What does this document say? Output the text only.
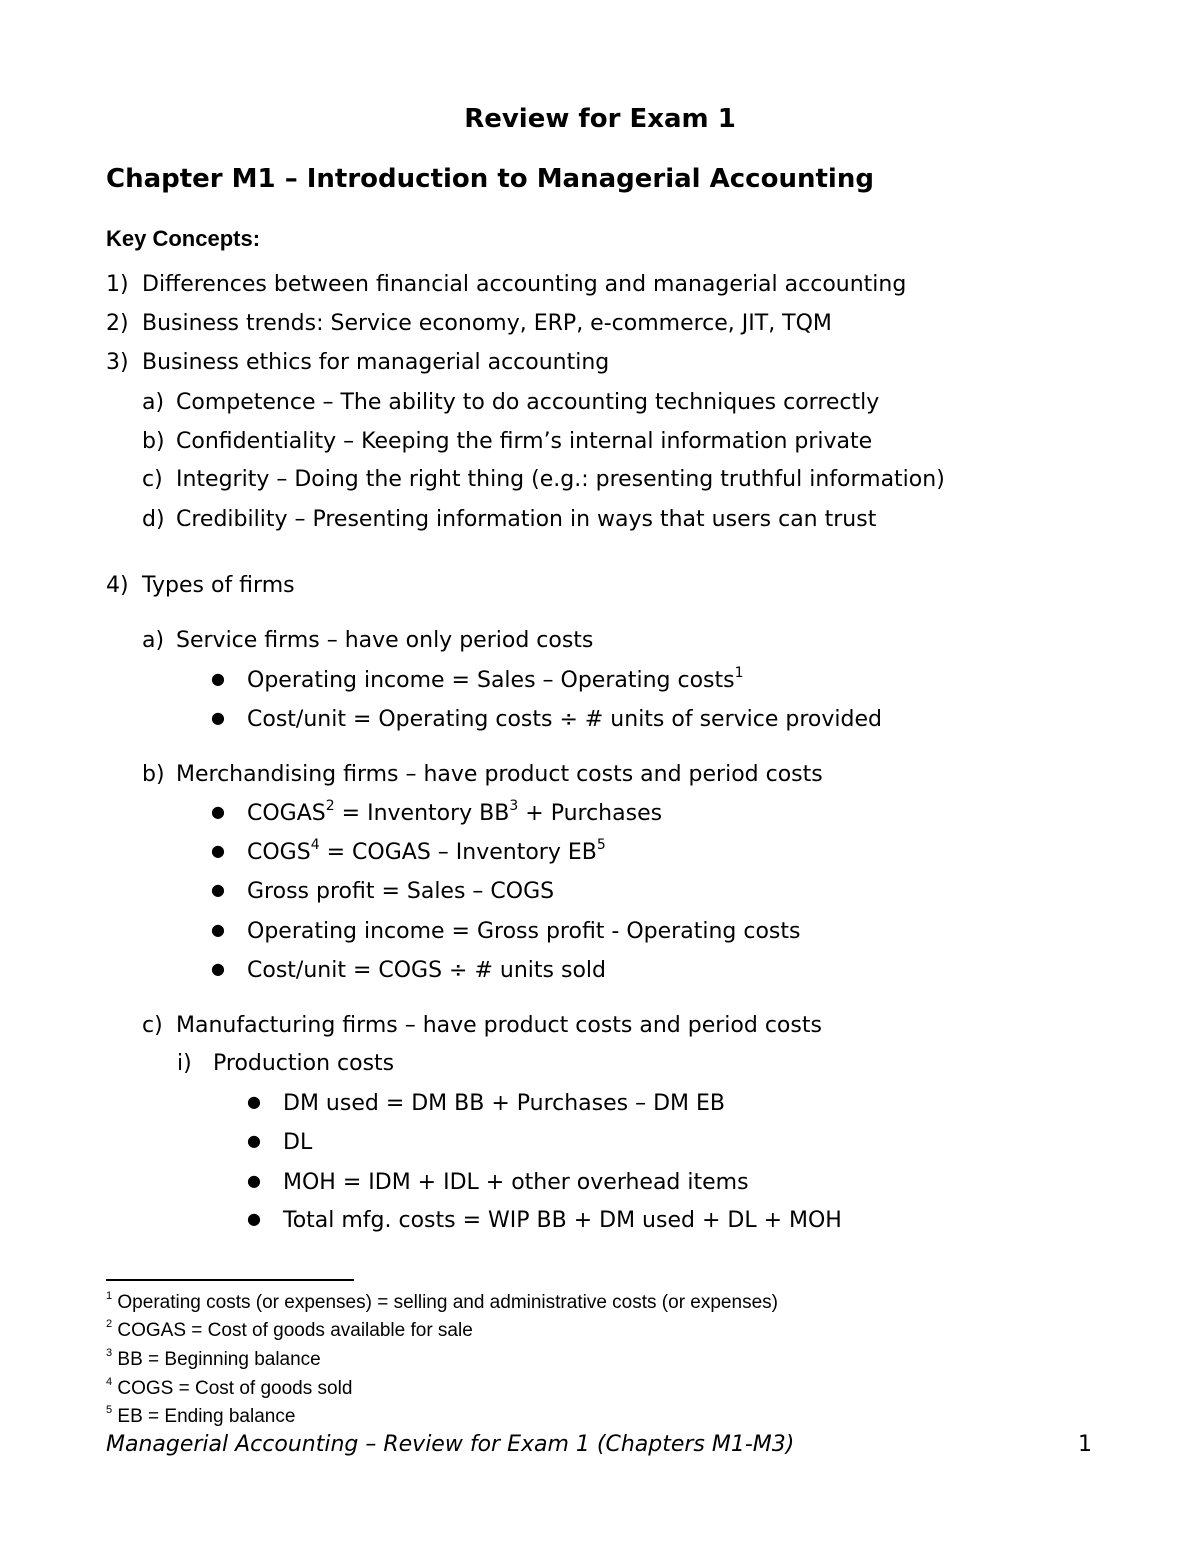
Review for Exam 1
Chapter M1 – Introduction to Managerial Accounting
Key Concepts:
1) Differences between financial accounting and managerial accounting
2) Business trends: Service economy, ERP, e-commerce, JIT, TQM
3) Business ethics for managerial accounting
a) Competence – The ability to do accounting techniques correctly
b) Confidentiality – Keeping the firm’s internal information private
c) Integrity – Doing the right thing (e.g.: presenting truthful information)
d) Credibility – Presenting information in ways that users can trust
4) Types of firms
a) Service firms – have only period costs
● Operating income = Sales – Operating costs$^1$
● Cost/unit = Operating costs ÷ # units of service provided
b) Merchandising firms – have product costs and period costs
● $COGAS^2$ = Inventory $BB^3$ + Purchases
● $COGS^4$ = COGAS – Inventory $EB^5$
● Gross profit = Sales – COGS
● Operating income = Gross profit - Operating costs
● Cost/unit = COGS ÷ # units sold
c) Manufacturing firms – have product costs and period costs
i) Production costs
● DM used = DM BB + Purchases – DM EB
● DL
● MOH = IDM + IDL + other overhead items
● Total mfg. costs = WIP BB + DM used + DL + MOH
$^1$ Operating costs (or expenses) = selling and administrative costs (or expenses)
$^2$ COGAS = Cost of goods available for sale
$^3$ BB = Beginning balance
$^4$ COGS = Cost of goods sold
$^5$ EB = Ending balance
Managerial Accounting – Review for Exam 1 (Chapters M1-M3)	1
